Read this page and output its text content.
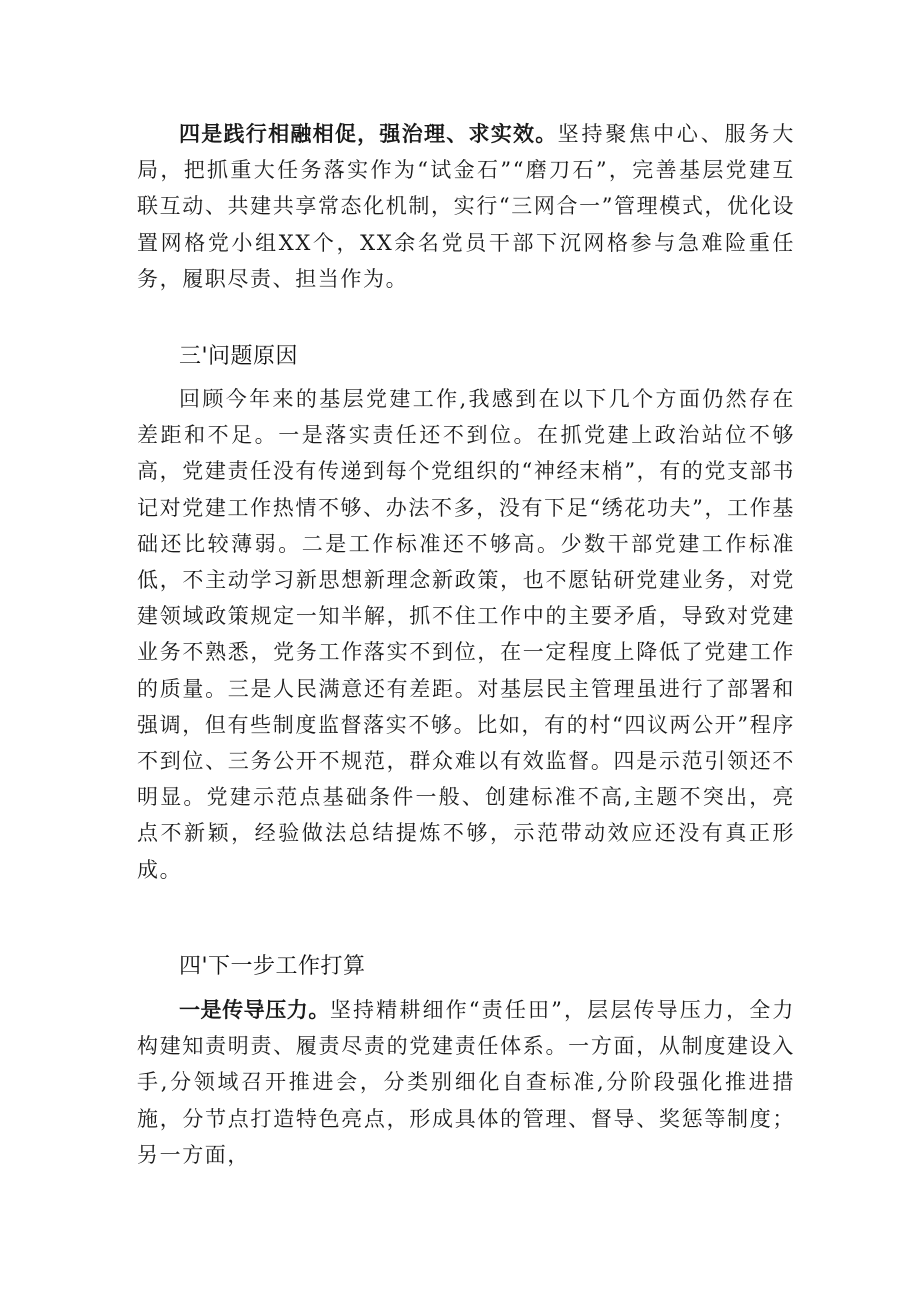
四是践行相融相促，强治理、求实效。坚持聚焦中心、服务大局，把抓重大任务落实作为“试金石”“磨刀石”，完善基层党建互联互动、共建共享常态化机制，实行“三网合一”管理模式，优化设置网格党小组XX个，XX余名党员干部下沉网格参与急难险重任务，履职尽责、担当作为。

三'问题原因

回顾今年来的基层党建工作,我感到在以下几个方面仍然存在差距和不足。一是落实责任还不到位。在抓党建上政治站位不够高，党建责任没有传递到每个党组织的“神经末梢”，有的党支部书记对党建工作热情不够、办法不多，没有下足“绣花功夫”，工作基础还比较薄弱。二是工作标准还不够高。少数干部党建工作标准低，不主动学习新思想新理念新政策，也不愿钻研党建业务，对党建领域政策规定一知半解，抓不住工作中的主要矛盾，导致对党建业务不熟悉，党务工作落实不到位，在一定程度上降低了党建工作的质量。三是人民满意还有差距。对基层民主管理虽进行了部署和强调，但有些制度监督落实不够。比如，有的村“四议两公开”程序不到位、三务公开不规范，群众难以有效监督。四是示范引领还不明显。党建示范点基础条件一般、创建标准不高,主题不突出，亮点不新颖，经验做法总结提炼不够，示范带动效应还没有真正形成。

四'下一步工作打算

一是传导压力。坚持精耕细作“责任田”，层层传导压力，全力构建知责明责、履责尽责的党建责任体系。一方面，从制度建设入手,分领域召开推进会，分类别细化自查标准,分阶段强化推进措施，分节点打造特色亮点，形成具体的管理、督导、奖惩等制度；另一方面，
